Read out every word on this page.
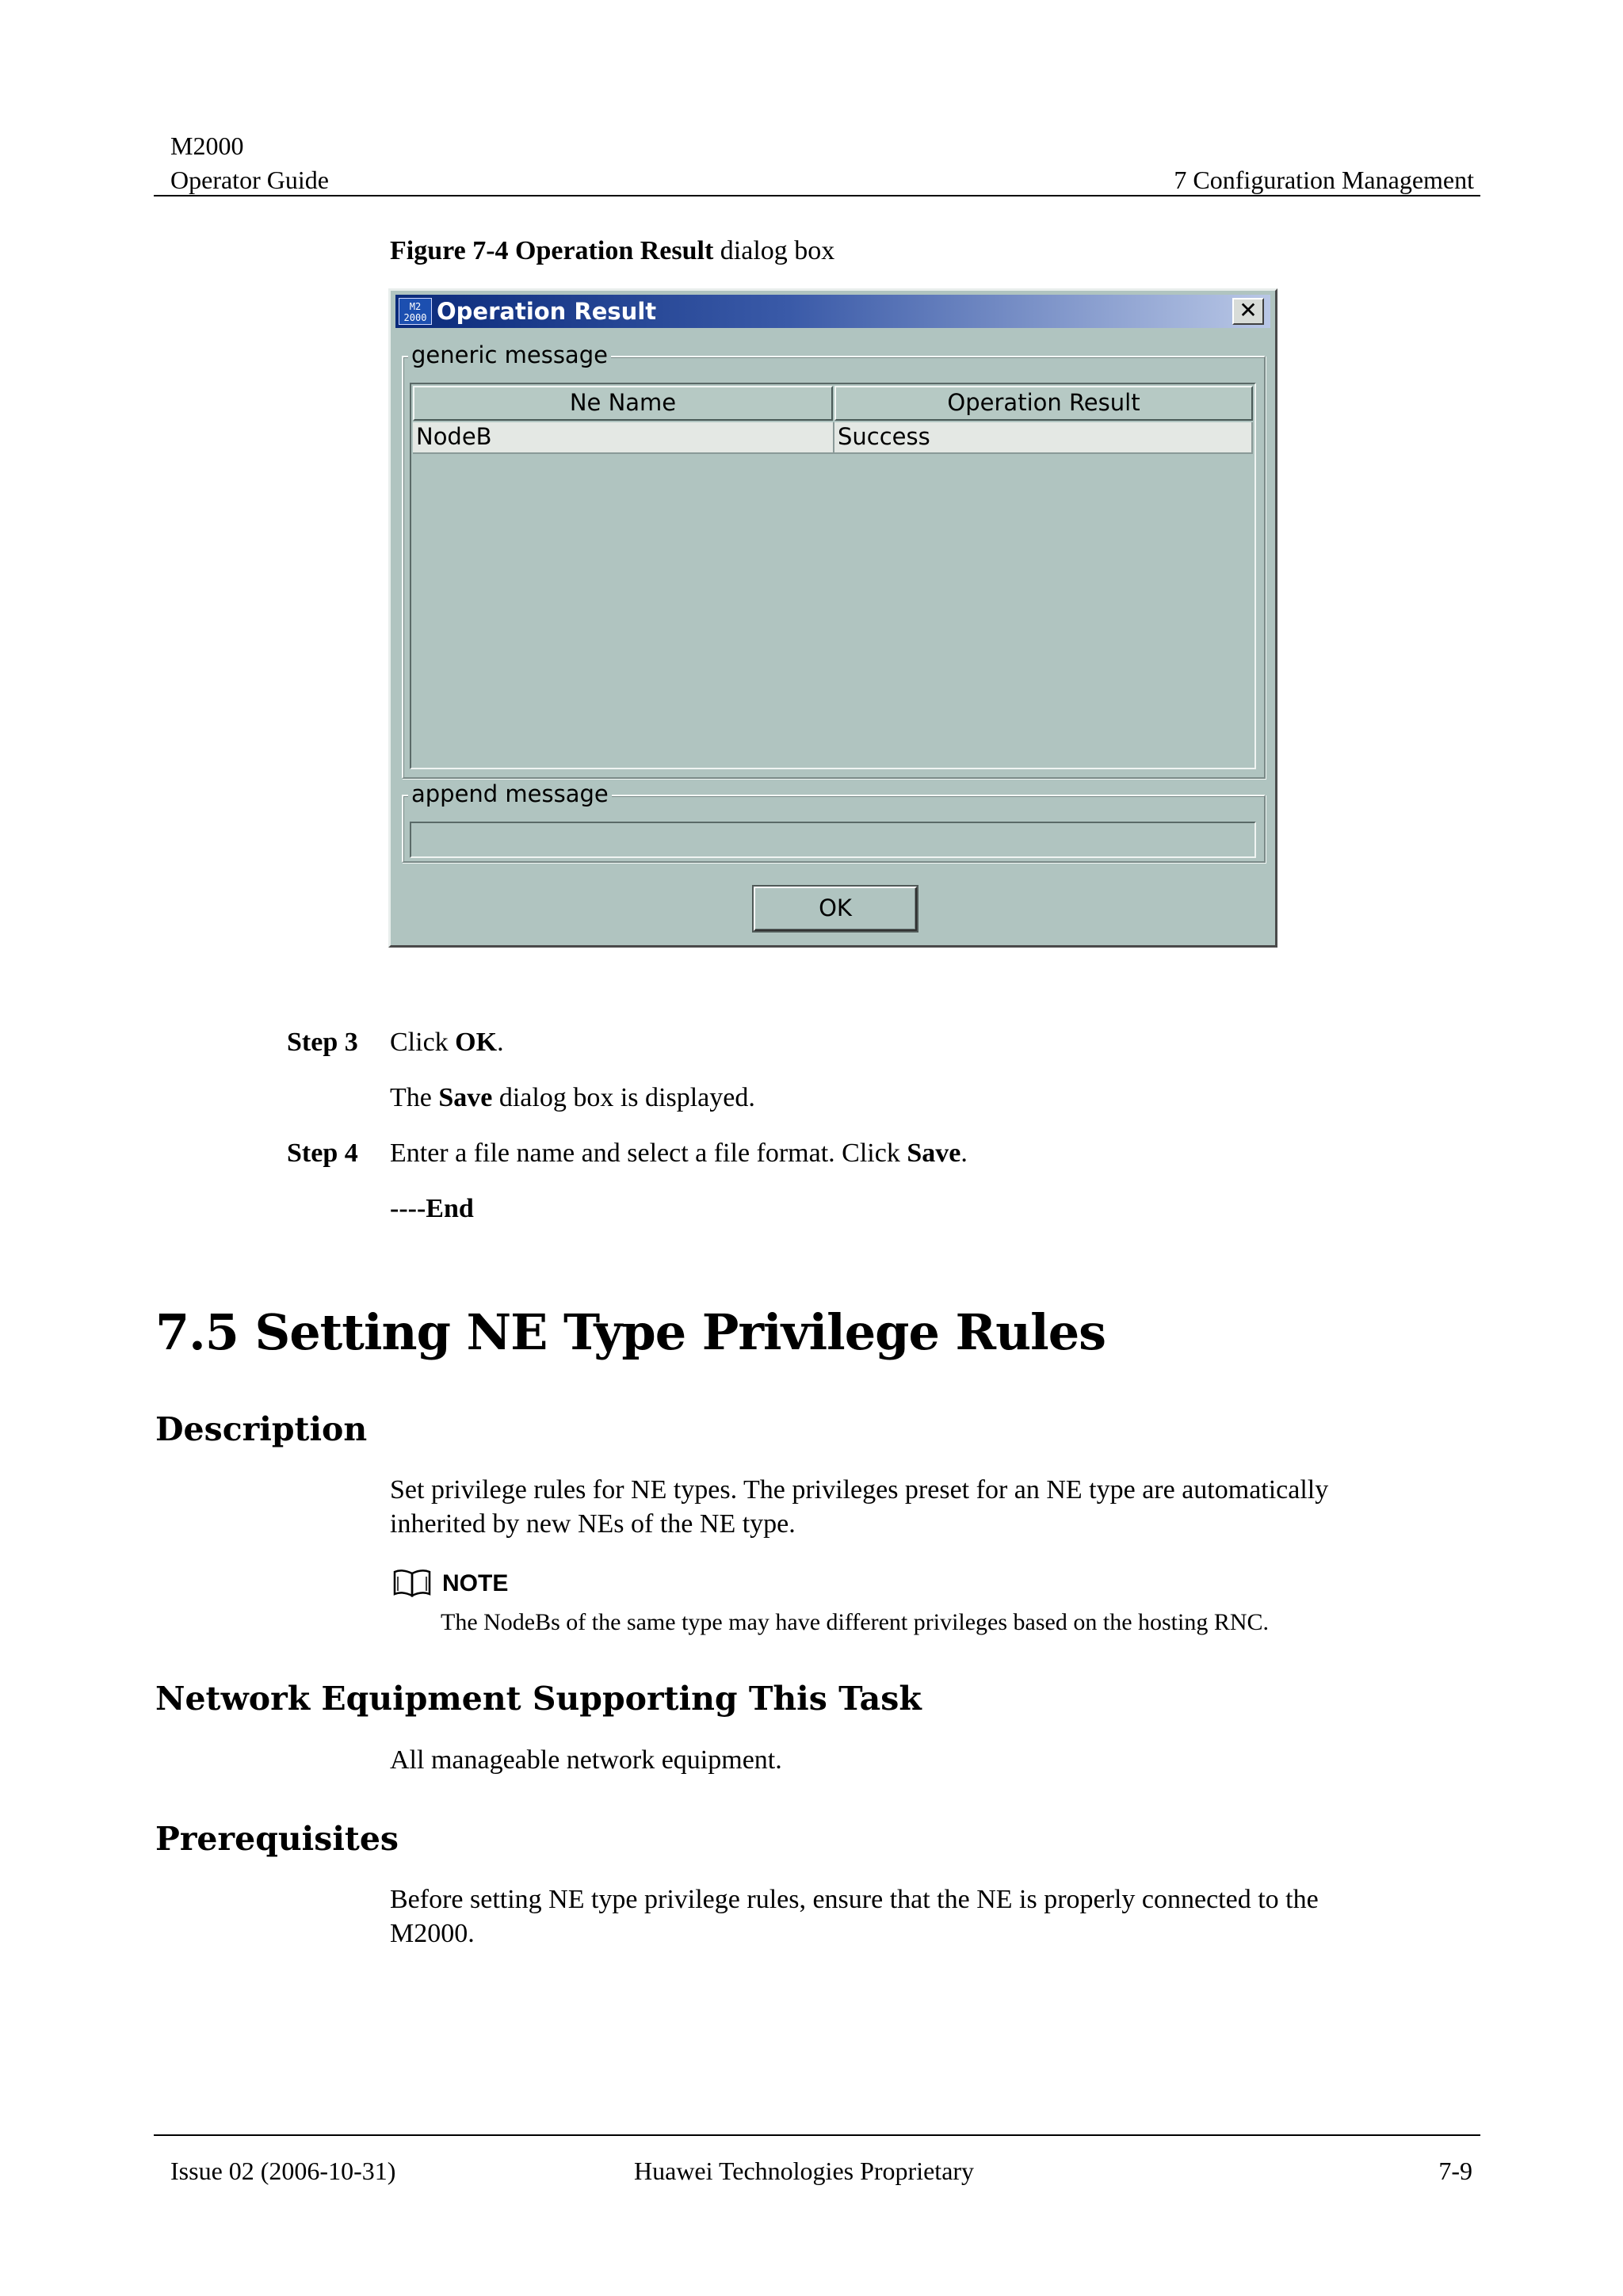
M2000
Operator Guide	7 Configuration Management
Figure 7-4 Operation Result dialog box
M2
2000 Operation Result	✕
generic message
Ne Name	Operation Result
NodeB	Success
append message
OK
Step 3 Click OK.
The Save dialog box is displayed.
Step 4 Enter a file name and select a file format. Click Save.
----End
7.5 Setting NE Type Privilege Rules
Description
Set privilege rules for NE types. The privileges preset for an NE type are automatically
inherited by new NEs of the NE type.
NOTE
The NodeBs of the same type may have different privileges based on the hosting RNC.
Network Equipment Supporting This Task
All manageable network equipment.
Prerequisites
Before setting NE type privilege rules, ensure that the NE is properly connected to the
M2000.
Issue 02 (2006-10-31)	Huawei Technologies Proprietary	7-9
